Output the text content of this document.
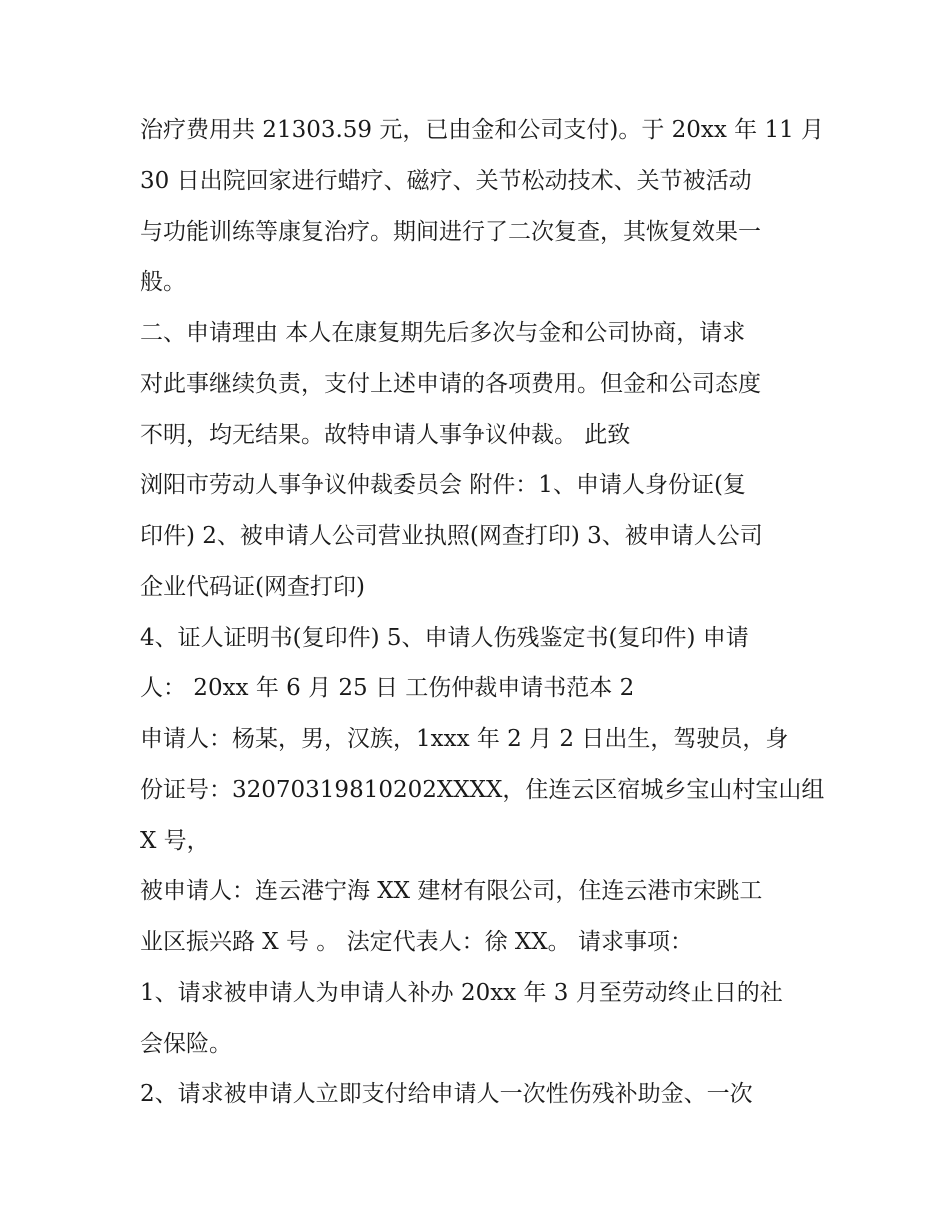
治疗费用共 21303.59 元，已由金和公司支付)。于 20xx 年 11 月
30 日出院回家进行蜡疗、磁疗、关节松动技术、关节被活动
与功能训练等康复治疗。期间进行了二次复查，其恢复效果一
般。
二、申请理由 本人在康复期先后多次与金和公司协商，请求
对此事继续负责，支付上述申请的各项费用。但金和公司态度
不明，均无结果。故特申请人事争议仲裁。 此致
浏阳市劳动人事争议仲裁委员会 附件：1、申请人身份证(复
印件) 2、被申请人公司营业执照(网查打印) 3、被申请人公司
企业代码证(网查打印)
4、证人证明书(复印件) 5、申请人伤残鉴定书(复印件) 申请
人： 20xx 年 6 月 25 日 工伤仲裁申请书范本 2
申请人：杨某，男，汉族，1xxx 年 2 月 2 日出生，驾驶员，身
份证号：32070319810202XXXX，住连云区宿城乡宝山村宝山组
X 号，
被申请人：连云港宁海 XX 建材有限公司，住连云港市宋跳工
业区振兴路 X 号 。 法定代表人：徐 XX。 请求事项：
1、请求被申请人为申请人补办 20xx 年 3 月至劳动终止日的社
会保险。
2、请求被申请人立即支付给申请人一次性伤残补助金、一次
